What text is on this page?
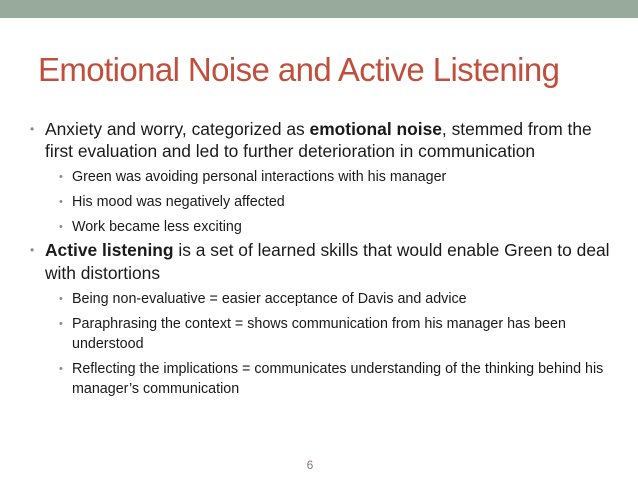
Emotional Noise and Active Listening
• Anxiety and worry, categorized as emotional noise, stemmed from the first evaluation and led to further deterioration in communication
• Green was avoiding personal interactions with his manager
• His mood was negatively affected
• Work became less exciting
• Active listening is a set of learned skills that would enable Green to deal with distortions
• Being non-evaluative = easier acceptance of Davis and advice
• Paraphrasing the context = shows communication from his manager has been understood
• Reflecting the implications = communicates understanding of the thinking behind his manager’s communication
6
